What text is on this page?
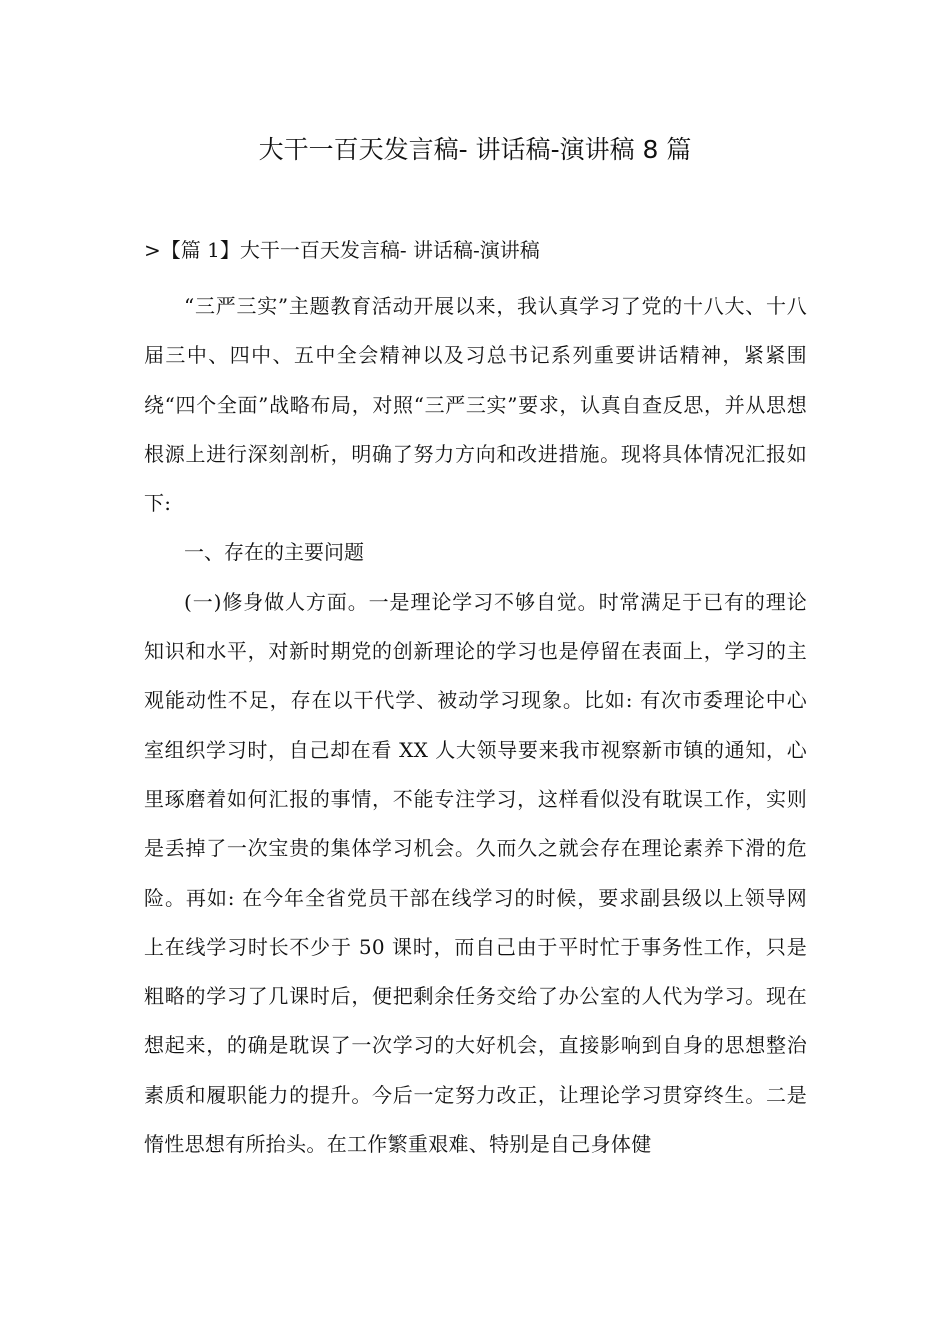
大干一百天发言稿- 讲话稿-演讲稿 8 篇
>【篇 1】大干一百天发言稿- 讲话稿-演讲稿

“三严三实”主题教育活动开展以来，我认真学习了党的十八大、十八届三中、四中、五中全会精神以及习总书记系列重要讲话精神，紧紧围绕“四个全面”战略布局，对照“三严三实”要求，认真自查反思，并从思想根源上进行深刻剖析，明确了努力方向和改进措施。现将具体情况汇报如下:

一、存在的主要问题

(一)修身做人方面。一是理论学习不够自觉。时常满足于已有的理论知识和水平，对新时期党的创新理论的学习也是停留在表面上，学习的主观能动性不足，存在以干代学、被动学习现象。比如: 有次市委理论中心室组织学习时，自己却在看 XX 人大领导要来我市视察新市镇的通知，心里琢磨着如何汇报的事情，不能专注学习，这样看似没有耽误工作，实则是丢掉了一次宝贵的集体学习机会。久而久之就会存在理论素养下滑的危险。再如: 在今年全省党员干部在线学习的时候，要求副县级以上领导网上在线学习时长不少于 50 课时，而自己由于平时忙于事务性工作，只是粗略的学习了几课时后，便把剩余任务交给了办公室的人代为学习。现在想起来，的确是耽误了一次学习的大好机会，直接影响到自身的思想整治素质和履职能力的提升。今后一定努力改正，让理论学习贯穿终生。二是惰性思想有所抬头。在工作繁重艰难、特别是自己身体健
